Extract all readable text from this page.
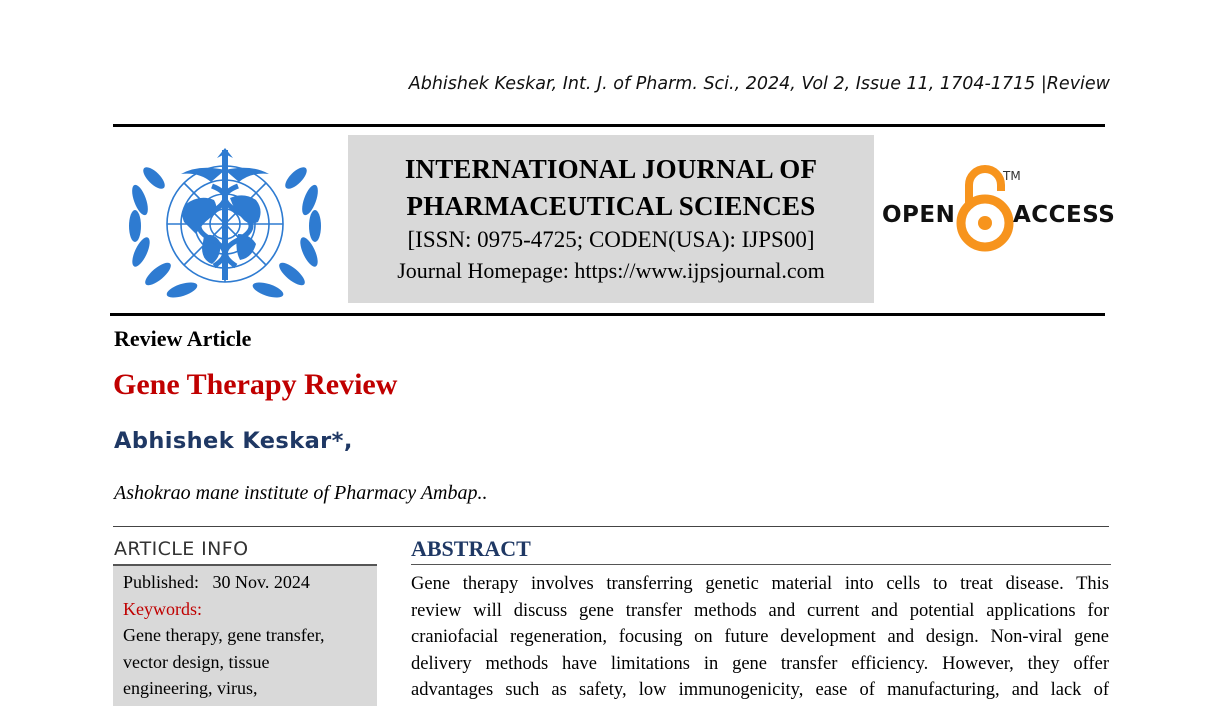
Abhishek Keskar, Int. J. of Pharm. Sci., 2024, Vol 2, Issue 11, 1704-1715 |Review
INTERNATIONAL JOURNAL OF
PHARMACEUTICAL SCIENCES
[ISSN: 0975-4725; CODEN(USA): IJPS00]
Journal Homepage: https://www.ijpsjournal.com
OPEN
TM
ACCESS
Review Article
Gene Therapy Review
Abhishek Keskar*,
Ashokrao mane institute of Pharmacy Ambap..
ARTICLE INFO
Published: 30 Nov. 2024
Keywords:
Gene therapy, gene transfer,
vector design, tissue
engineering, virus,
ABSTRACT
Gene therapy involves transferring genetic material into cells to treat disease. This
review will discuss gene transfer methods and current and potential applications for
craniofacial regeneration, focusing on future development and design. Non-viral gene
delivery methods have limitations in gene transfer efficiency. However, they offer
advantages such as safety, low immunogenicity, ease of manufacturing, and lack of
